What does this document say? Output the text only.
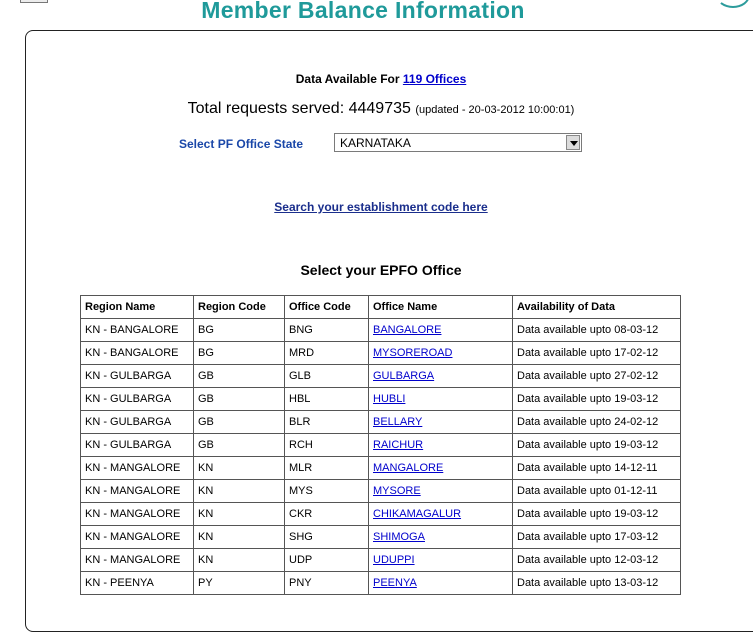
Member Balance Information
Data Available For 119 Offices
Total requests served: 4449735 (updated - 20-03-2012 10:00:01)
Select PF Office State	KARNATAKA
Search your establishment code here
Select your EPFO Office
Region Name	Region Code	Office Code	Office Name	Availability of Data
KN - BANGALORE	BG	BNG	BANGALORE	Data available upto 08-03-12
KN - BANGALORE	BG	MRD	MYSOREROAD	Data available upto 17-02-12
KN - GULBARGA	GB	GLB	GULBARGA	Data available upto 27-02-12
KN - GULBARGA	GB	HBL	HUBLI	Data available upto 19-03-12
KN - GULBARGA	GB	BLR	BELLARY	Data available upto 24-02-12
KN - GULBARGA	GB	RCH	RAICHUR	Data available upto 19-03-12
KN - MANGALORE	KN	MLR	MANGALORE	Data available upto 14-12-11
KN - MANGALORE	KN	MYS	MYSORE	Data available upto 01-12-11
KN - MANGALORE	KN	CKR	CHIKAMAGALUR	Data available upto 19-03-12
KN - MANGALORE	KN	SHG	SHIMOGA	Data available upto 17-03-12
KN - MANGALORE	KN	UDP	UDUPPI	Data available upto 12-03-12
KN - PEENYA	PY	PNY	PEENYA	Data available upto 13-03-12
